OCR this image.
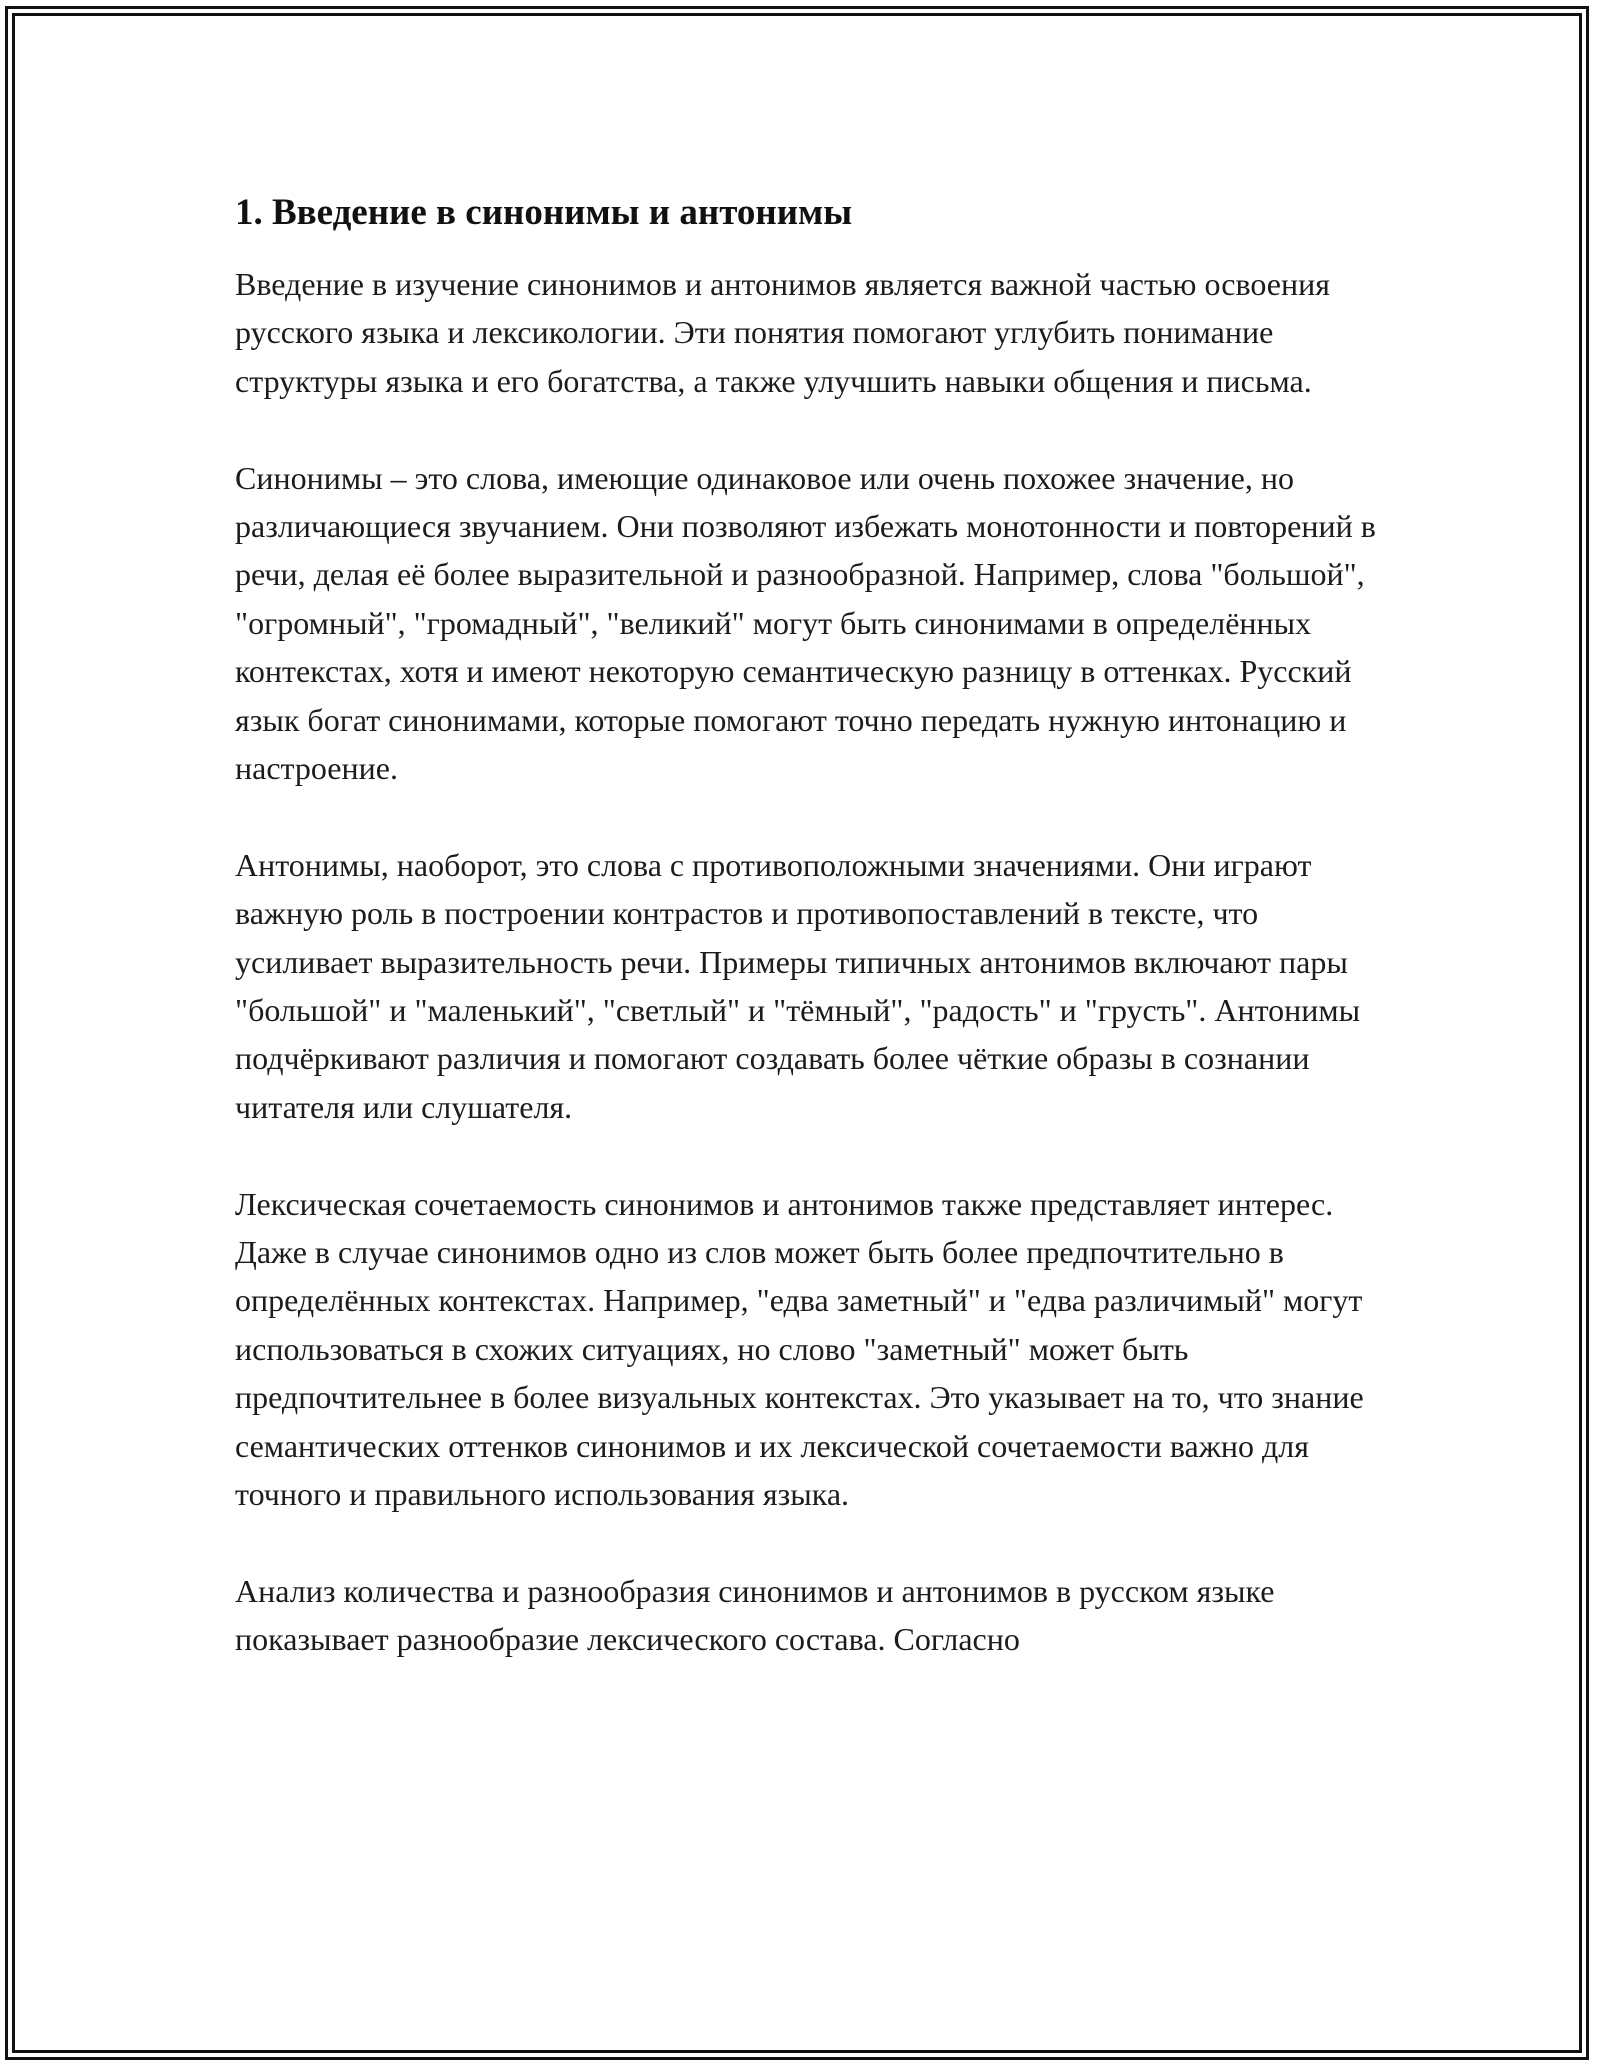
1. Введение в синонимы и антонимы

Введение в изучение синонимов и антонимов является важной частью освоения русского языка и лексикологии. Эти понятия помогают углубить понимание структуры языка и его богатства, а также улучшить навыки общения и письма.

Синонимы – это слова, имеющие одинаковое или очень похожее значение, но различающиеся звучанием. Они позволяют избежать монотонности и повторений в речи, делая её более выразительной и разнообразной. Например, слова "большой", "огромный", "громадный", "великий" могут быть синонимами в определённых контекстах, хотя и имеют некоторую семантическую разницу в оттенках. Русский язык богат синонимами, которые помогают точно передать нужную интонацию и настроение.

Антонимы, наоборот, это слова с противоположными значениями. Они играют важную роль в построении контрастов и противопоставлений в тексте, что усиливает выразительность речи. Примеры типичных антонимов включают пары "большой" и "маленький", "светлый" и "тёмный", "радость" и "грусть". Антонимы подчёркивают различия и помогают создавать более чёткие образы в сознании читателя или слушателя.

Лексическая сочетаемость синонимов и антонимов также представляет интерес. Даже в случае синонимов одно из слов может быть более предпочтительно в определённых контекстах. Например, "едва заметный" и "едва различимый" могут использоваться в схожих ситуациях, но слово "заметный" может быть предпочтительнее в более визуальных контекстах. Это указывает на то, что знание семантических оттенков синонимов и их лексической сочетаемости важно для точного и правильного использования языка.

Анализ количества и разнообразия синонимов и антонимов в русском языке показывает разнообразие лексического состава. Согласно
